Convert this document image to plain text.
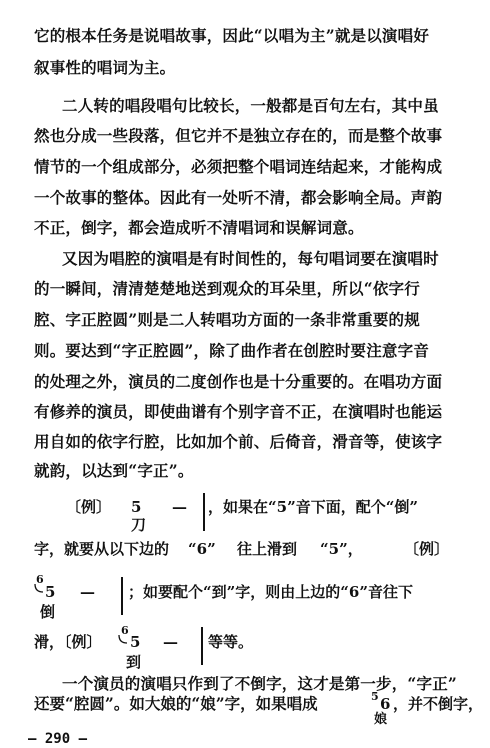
它的根本任务是说唱故事，因此“以唱为主”就是以演唱好
叙事性的唱词为主。
二人转的唱段唱句比较长，一般都是百句左右，其中虽
然也分成一些段落，但它并不是独立存在的，而是整个故事
情节的一个组成部分，必须把整个唱词连结起来，才能构成
一个故事的整体。因此有一处听不清，都会影响全局。声韵
不正，倒字，都会造成听不清唱词和误解词意。
又因为唱腔的演唱是有时间性的，每句唱词要在演唱时
的一瞬间，清清楚楚地送到观众的耳朵里，所以“依字行
腔、字正腔圆”则是二人转唱功方面的一条非常重要的规
则。要达到“字正腔圆”，除了曲作者在创腔时要注意字音
的处理之外，演员的二度创作也是十分重要的。在唱功方面
有修养的演员，即使曲谱有个别字音不正，在演唱时也能运
用自如的依字行腔，比如加个前、后倚音，滑音等，使该字
就韵，以达到“字正”。
〔例〕 5 —
刀
，如果在“5”音下面，配个“倒”
字，就要从以下边的 “6” 往上滑到 “5”，	〔例〕
6
5 —
倒
；如要配个“到”字，则由上边的“6”音往下
滑，〔例〕
6
5 —
到
等等。
一个演员的演唱只作到了不倒字，这才是第一步，“字正”
还要“腔圆”。如大娘的“娘”字，如果唱成	5 6
娘
，并不倒字，
— 290 —
